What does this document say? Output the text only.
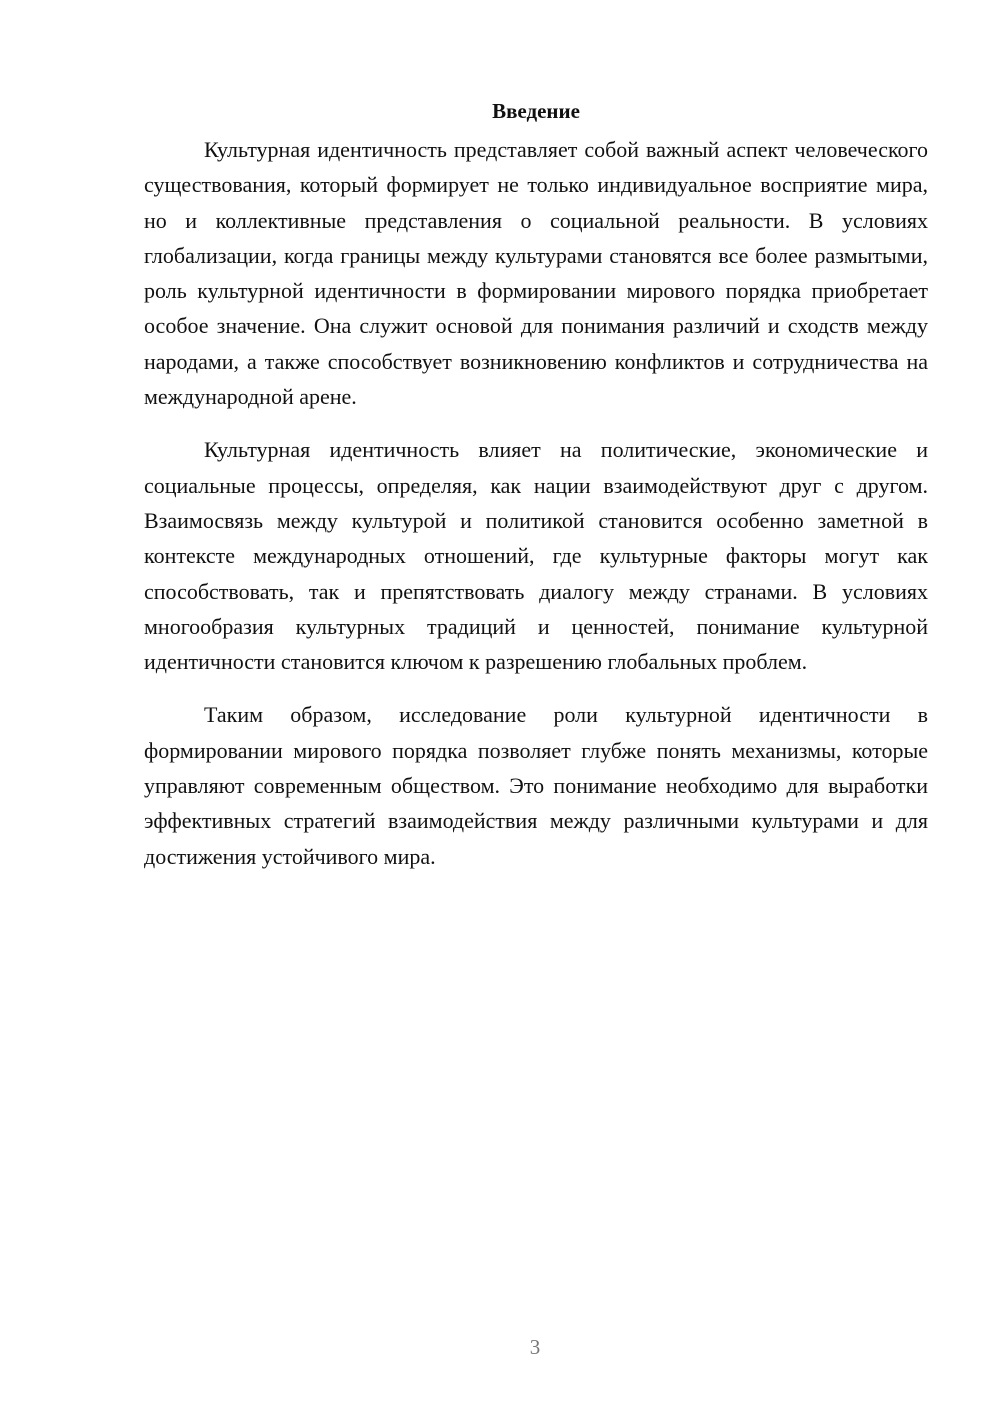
Введение

Культурная идентичность представляет собой важный аспект человеческого существования, который формирует не только индивидуальное восприятие мира, но и коллективные представления о социальной реальности. В условиях глобализации, когда границы между культурами становятся все более размытыми, роль культурной идентичности в формировании мирового порядка приобретает особое значение. Она служит основой для понимания различий и сходств между народами, а также способствует возникновению конфликтов и сотрудничества на международной арене.

Культурная идентичность влияет на политические, экономические и социальные процессы, определяя, как нации взаимодействуют друг с другом. Взаимосвязь между культурой и политикой становится особенно заметной в контексте международных отношений, где культурные факторы могут как способствовать, так и препятствовать диалогу между странами. В условиях многообразия культурных традиций и ценностей, понимание культурной идентичности становится ключом к разрешению глобальных проблем.

Таким образом, исследование роли культурной идентичности в формировании мирового порядка позволяет глубже понять механизмы, которые управляют современным обществом. Это понимание необходимо для выработки эффективных стратегий взаимодействия между различными культурами и для достижения устойчивого мира.

3
